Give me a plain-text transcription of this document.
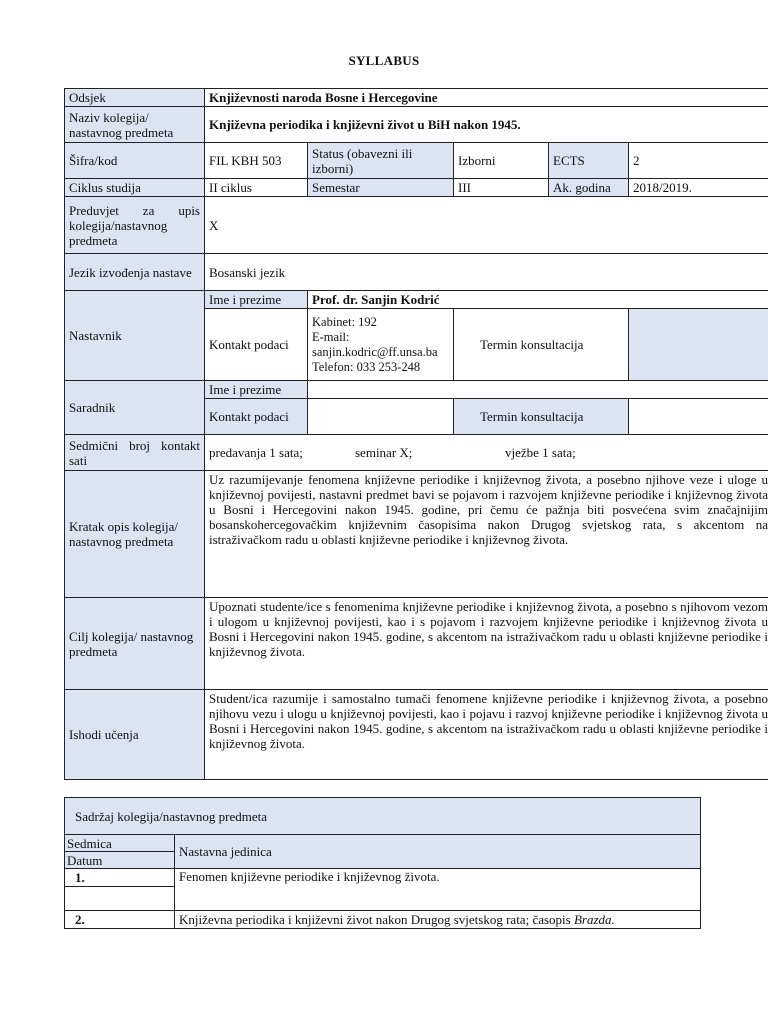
SYLLABUS
Odsjek	Književnosti naroda Bosne i Hercegovine				
Naziv kolegija/ nastavnog predmeta	Književna periodika i književni život u BiH nakon 1945.				
Šifra/kod	FIL KBH 503	Status (obavezni ili izborni)	Izborni	ECTS	2
Ciklus studija	II ciklus	Semestar	III	Ak. godina	2018/2019.
Preduvjet za upis kolegija/nastavnog predmeta	X				
Jezik izvođenja nastave	Bosanski jezik				
Nastavnik	Ime i prezime	Prof. dr. Sanjin Kodrić			
	Kontakt podaci	Kabinet: 192
E-mail:
sanjin.kodric@ff.unsa.ba
Telefon: 033 253-248	Termin konsultacija		
Saradnik	Ime i prezime				
	Kontakt podaci		Termin konsultacija		
Sedmični broj kontakt sati	predavanja 1 sata; seminar X; vježbe 1 sata;				
Kratak opis kolegija/ nastavnog predmeta	Uz razumijevanje fenomena književne periodike i književnog života, a posebno njihove veze i uloge u književnoj povijesti, nastavni predmet bavi se pojavom i razvojem književne periodike i književnog života u Bosni i Hercegovini nakon 1945. godine, pri čemu će pažnja biti posvećena svim značajnijim bosanskohercegovačkim književnim časopisima nakon Drugog svjetskog rata, s akcentom na istraživačkom radu u oblasti književne periodike i književnog života.				
Cilj kolegija/ nastavnog predmeta	Upoznati studente/ice s fenomenima književne periodike i književnog života, a posebno s njihovom vezom i ulogom u književnoj povijesti, kao i s pojavom i razvojem književne periodike i književnog života u Bosni i Hercegovini nakon 1945. godine, s akcentom na istraživačkom radu u oblasti književne periodike i književnog života.				
Ishodi učenja	Student/ica razumije i samostalno tumači fenomene književne periodike i književnog života, a posebno njihovu vezu i ulogu u književnoj povijesti, kao i pojavu i razvoj književne periodike i književnog života u Bosni i Hercegovini nakon 1945. godine, s akcentom na istraživačkom radu u oblasti književne periodike i književnog života.				
Sadržaj kolegija/nastavnog predmeta	
Sedmica	Nastavna jedinica
Datum	
1.	Fenomen književne periodike i književnog života.

2.	Književna periodika i književni život nakon Drugog svjetskog rata; časopis Brazda.
